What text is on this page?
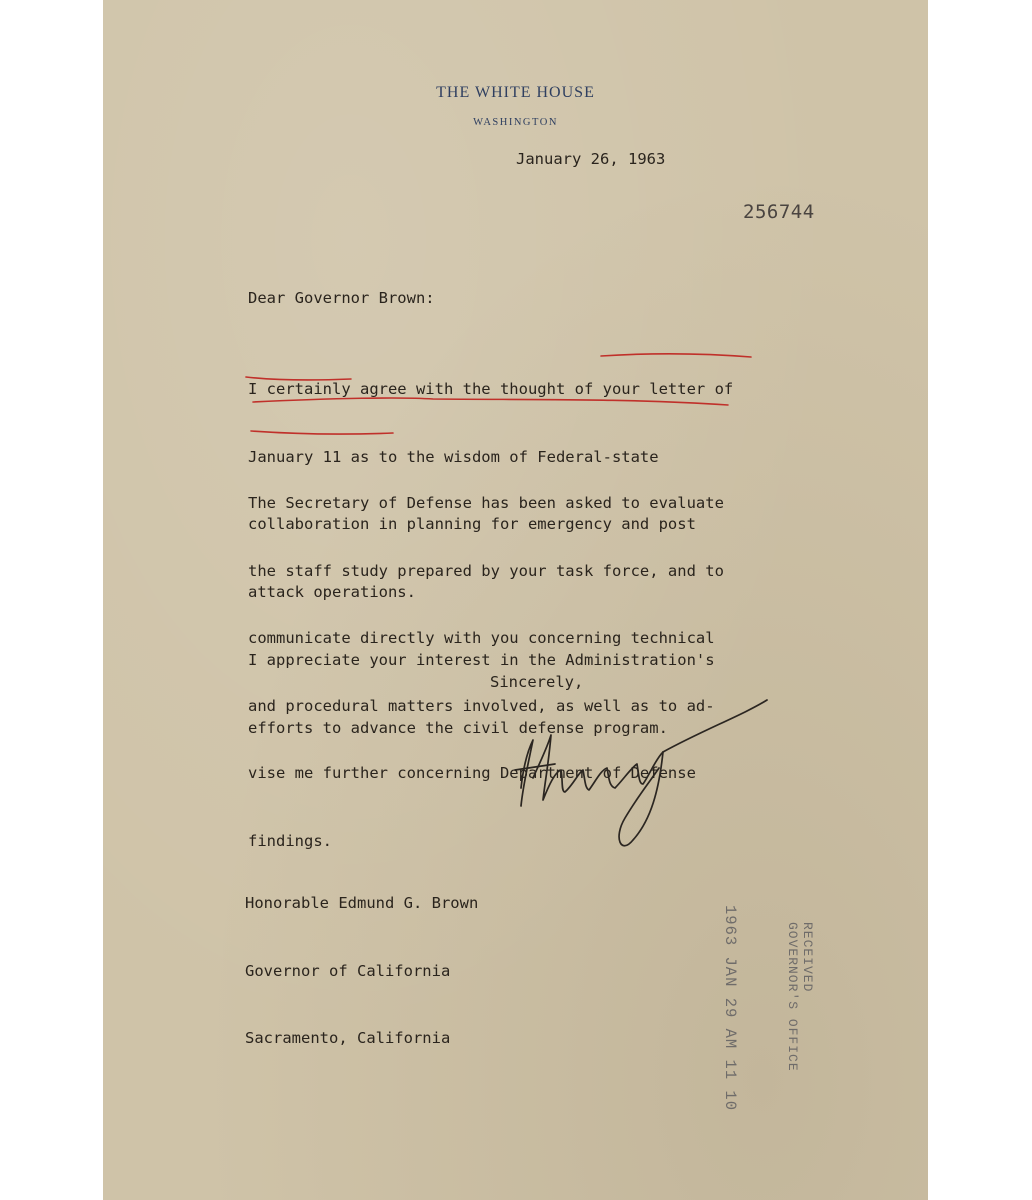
THE WHITE HOUSE
WASHINGTON
January 26, 1963
256744
Dear Governor Brown:

I certainly agree with the thought of your letter of

January 11 as to the wisdom of Federal-state

collaboration in planning for emergency and post

attack operations.

The Secretary of Defense has been asked to evaluate

the staff study prepared by your task force, and to

communicate directly with you concerning technical

and procedural matters involved, as well as to ad-

vise me further concerning Department of Defense

findings.

I appreciate your interest in the Administration's

efforts to advance the civil defense program.

Sincerely,

Honorable Edmund G. Brown

Governor of California

Sacramento, California

	1963 JAN 29 AM 11 10	RECEIVED
GOVERNOR'S OFFICE
